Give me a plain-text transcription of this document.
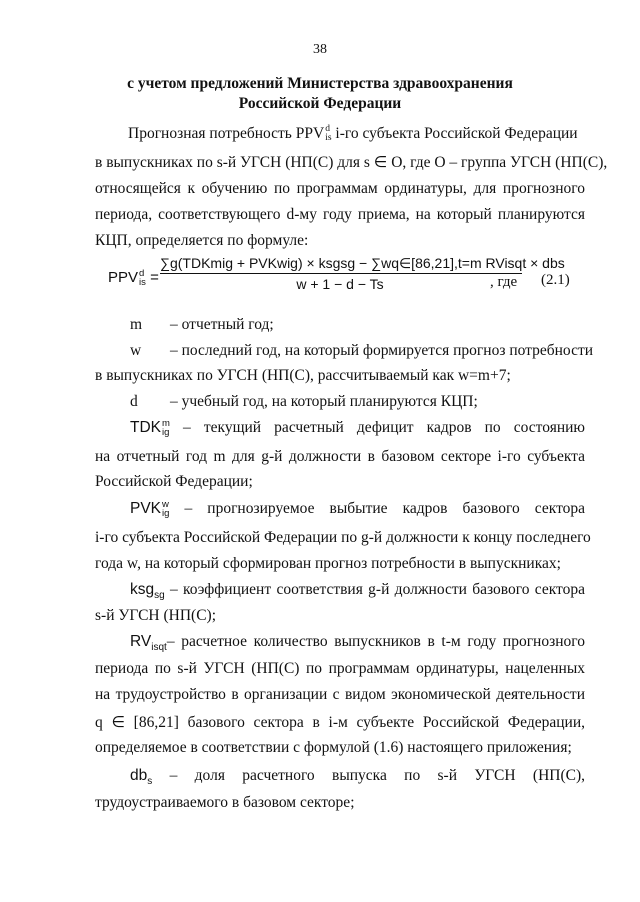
38
с учетом предложений Министерства здравоохранения
Российской Федерации
Прогнозная потребность PPV d
is i-го субъекта Российской Федерации
в выпускниках по s-й УГСН (НП(С) для s ∈ O, где O – группа УГСН (НП(С),
относящейся к обучению по программам ординатуры, для прогнозного
периода, соответствующего d-му году приема, на который планируются
КЦП, определяется по формуле:
PPV d
is =
∑g(TDKmig + PVKwig) × ksgsg − ∑wq∈[86,21],t=m RVisqt × dbs
w + 1 − d − Ts	, где (2.1)
m – отчетный год;
w – последний год, на который формируется прогноз потребности
в выпускниках по УГСН (НП(С), рассчитываемый как w=m+7;
d – учебный год, на который планируются КЦП;
TDK m
ig – текущий расчетный дефицит кадров по состоянию
на отчетный год m для g-й должности в базовом секторе i-го субъекта
Российской Федерации;
PVK w
ig – прогнозируемое выбытие кадров базового сектора
i-го субъекта Российской Федерации по g-й должности к концу последнего
года w, на который сформирован прогноз потребности в выпускниках;
ksg$_{sg}$ – коэффициент соответствия g-й должности базового сектора
s-й УГСН (НП(С);
$RV_{isqt}-$ расчетное количество выпускников в t-м году прогнозного
периода по s-й УГСН (НП(С) по программам ординатуры, нацеленных
на трудоустройство в организации с видом экономической деятельности
q ∈ [86,21] базового сектора в i-м субъекте Российской Федерации,
определяемое в соответствии с формулой (1.6) настоящего приложения;
$db_s$ – доля расчетного выпуска по s-й УГСН (НП(С),
трудоустраиваемого в базовом секторе;
